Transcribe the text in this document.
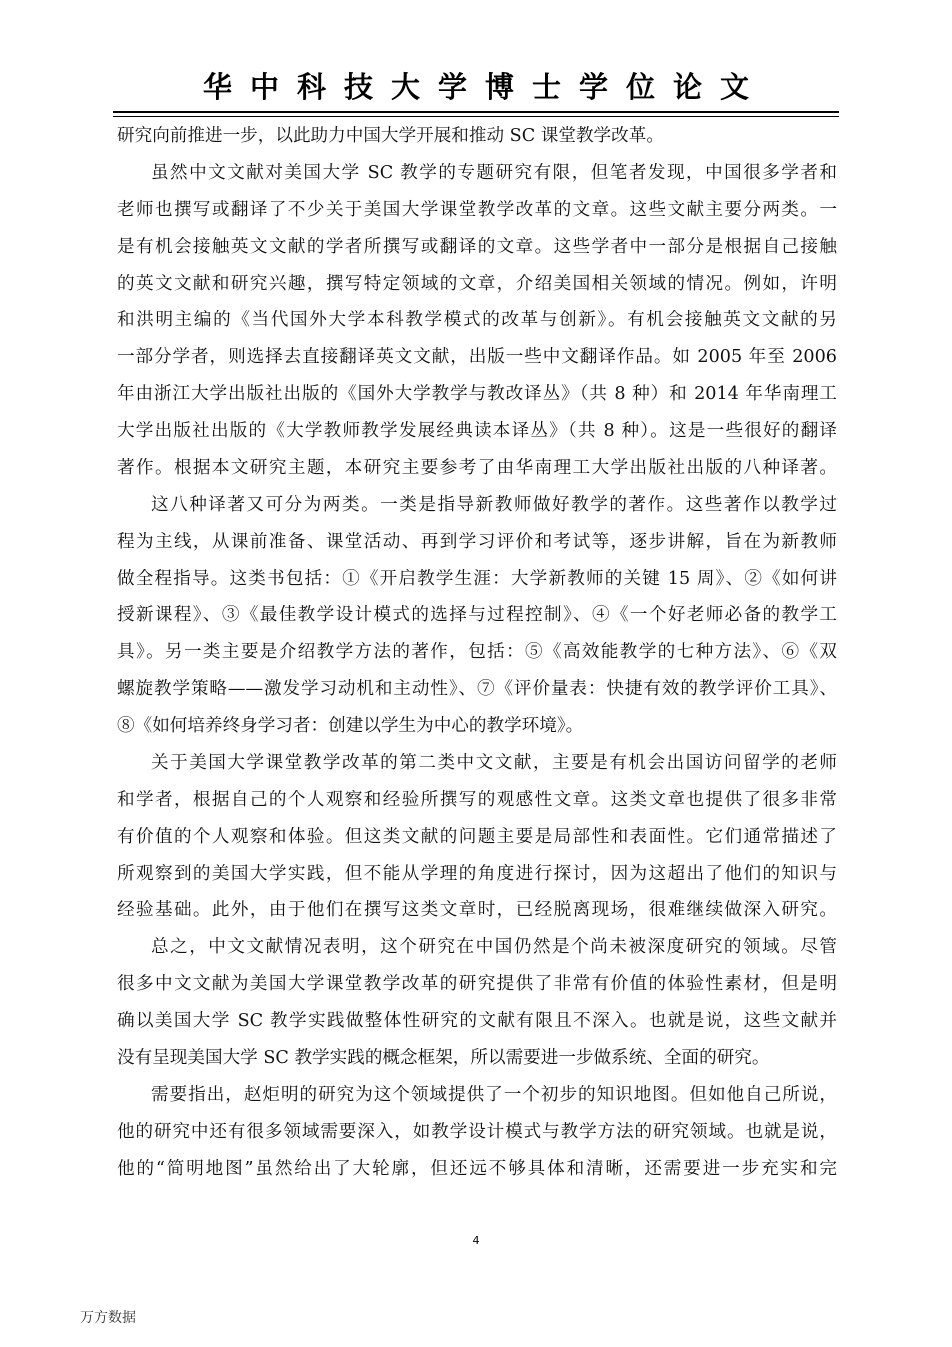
华中科技大学博士学位论文
研究向前推进一步，以此助力中国大学开展和推动 SC 课堂教学改革。
虽然中文文献对美国大学 SC 教学的专题研究有限，但笔者发现，中国很多学者和
老师也撰写或翻译了不少关于美国大学课堂教学改革的文章。这些文献主要分两类。一
是有机会接触英文文献的学者所撰写或翻译的文章。这些学者中一部分是根据自己接触
的英文文献和研究兴趣，撰写特定领域的文章，介绍美国相关领域的情况。例如，许明
和洪明主编的《当代国外大学本科教学模式的改革与创新》。有机会接触英文文献的另
一部分学者，则选择去直接翻译英文文献，出版一些中文翻译作品。如 2005 年至 2006
年由浙江大学出版社出版的《国外大学教学与教改译丛》（共 8 种）和 2014 年华南理工
大学出版社出版的《大学教师教学发展经典读本译丛》（共 8 种）。这是一些很好的翻译
著作。根据本文研究主题，本研究主要参考了由华南理工大学出版社出版的八种译著。
这八种译著又可分为两类。一类是指导新教师做好教学的著作。这些著作以教学过
程为主线，从课前准备、课堂活动、再到学习评价和考试等，逐步讲解，旨在为新教师
做全程指导。这类书包括：①《开启教学生涯：大学新教师的关键 15 周》、②《如何讲
授新课程》、③《最佳教学设计模式的选择与过程控制》、④《一个好老师必备的教学工
具》。另一类主要是介绍教学方法的著作，包括：⑤《高效能教学的七种方法》、⑥《双
螺旋教学策略——激发学习动机和主动性》、⑦《评价量表：快捷有效的教学评价工具》、
⑧《如何培养终身学习者：创建以学生为中心的教学环境》。
关于美国大学课堂教学改革的第二类中文文献，主要是有机会出国访问留学的老师
和学者，根据自己的个人观察和经验所撰写的观感性文章。这类文章也提供了很多非常
有价值的个人观察和体验。但这类文献的问题主要是局部性和表面性。它们通常描述了
所观察到的美国大学实践，但不能从学理的角度进行探讨，因为这超出了他们的知识与
经验基础。此外，由于他们在撰写这类文章时，已经脱离现场，很难继续做深入研究。
总之，中文文献情况表明，这个研究在中国仍然是个尚未被深度研究的领域。尽管
很多中文文献为美国大学课堂教学改革的研究提供了非常有价值的体验性素材，但是明
确以美国大学 SC 教学实践做整体性研究的文献有限且不深入。也就是说，这些文献并
没有呈现美国大学 SC 教学实践的概念框架，所以需要进一步做系统、全面的研究。
需要指出，赵炬明的研究为这个领域提供了一个初步的知识地图。但如他自己所说，
他的研究中还有很多领域需要深入，如教学设计模式与教学方法的研究领域。也就是说，
他的“简明地图”虽然给出了大轮廓，但还远不够具体和清晰，还需要进一步充实和完
4
万方数据
